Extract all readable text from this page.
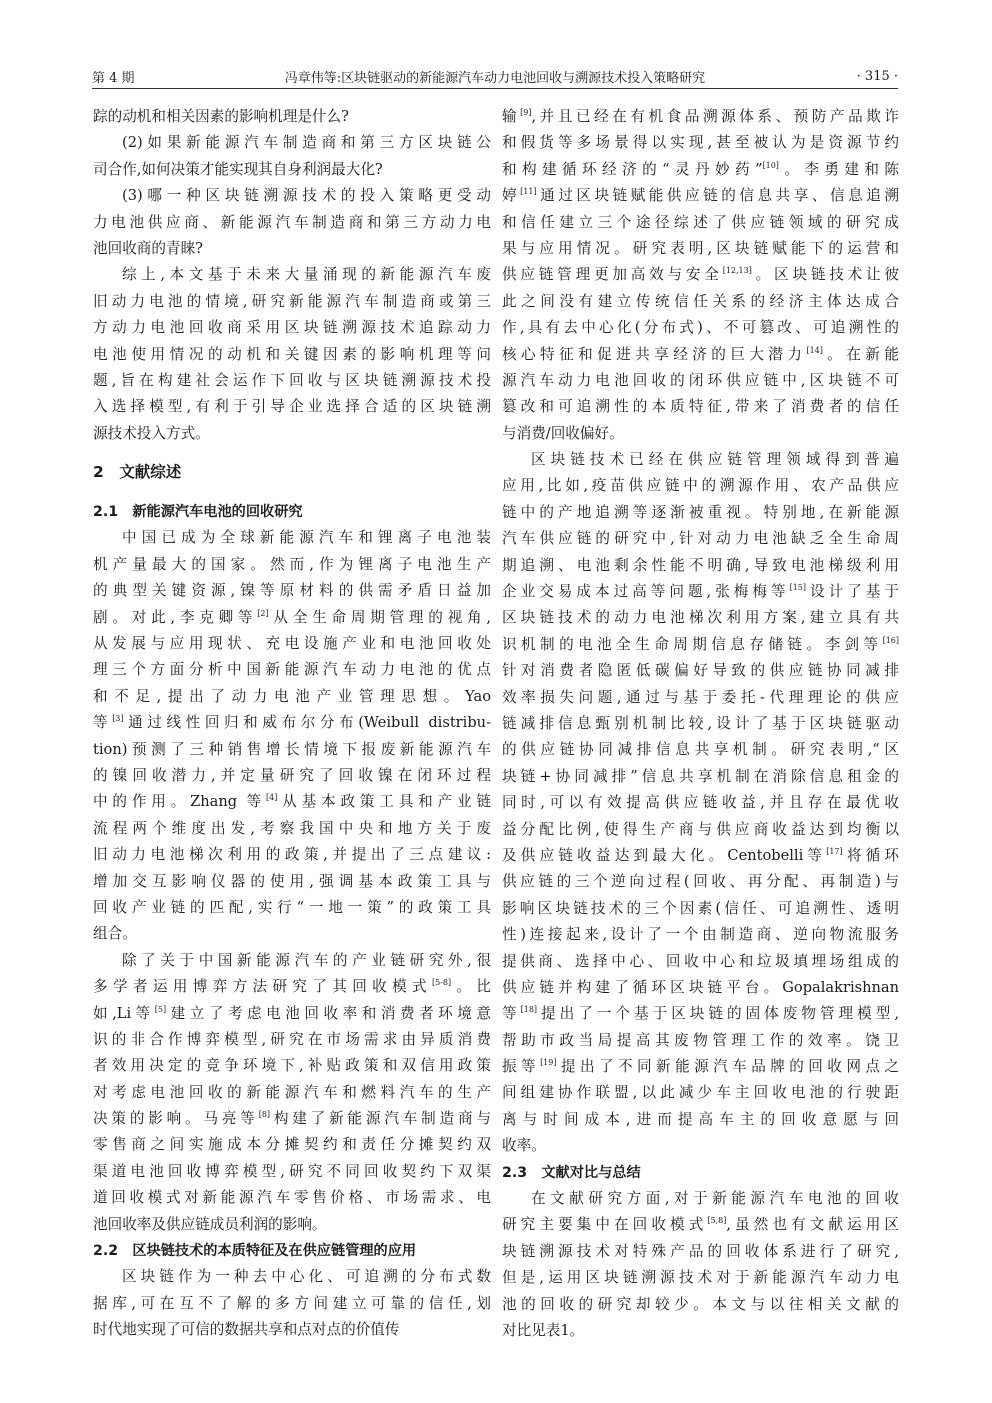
第 4 期	冯章伟等:区块链驱动的新能源汽车动力电池回收与溯源技术投入策略研究	· 315 ·
踪的动机和相关因素的影响机理是什么?
(2)如果新能源汽车制造商和第三方区块链公
司合作,如何决策才能实现其自身利润最大化?
(3)哪一种区块链溯源技术的投入策略更受动
力电池供应商、新能源汽车制造商和第三方动力电
池回收商的青睐?
综上,本文基于未来大量涌现的新能源汽车废
旧动力电池的情境,研究新能源汽车制造商或第三
方动力电池回收商采用区块链溯源技术追踪动力
电池使用情况的动机和关键因素的影响机理等问
题,旨在构建社会运作下回收与区块链溯源技术投
入选择模型,有利于引导企业选择合适的区块链溯
源技术投入方式。
2　文献综述
2.1　新能源汽车电池的回收研究
中国已成为全球新能源汽车和锂离子电池装
机产量最大的国家。然而,作为锂离子电池生产
的典型关键资源,镍等原材料的供需矛盾日益加
剧。对此,李克卿等[2]从全生命周期管理的视角,
从发展与应用现状、充电设施产业和电池回收处
理三个方面分析中国新能源汽车动力电池的优点
和不足,提出了动力电池产业管理思想。Yao
等[3]通过线性回归和威布尔分布(Weibull distribu-
tion)预测了三种销售增长情境下报废新能源汽车
的镍回收潜力,并定量研究了回收镍在闭环过程
中的作用。Zhang 等[4]从基本政策工具和产业链
流程两个维度出发,考察我国中央和地方关于废
旧动力电池梯次利用的政策,并提出了三点建议:
增加交互影响仪器的使用,强调基本政策工具与
回收产业链的匹配,实行“一地一策”的政策工具
组合。
除了关于中国新能源汽车的产业链研究外,很
多学者运用博弈方法研究了其回收模式[5-8]。比
如,Li等[5]建立了考虑电池回收率和消费者环境意
识的非合作博弈模型,研究在市场需求由异质消费
者效用决定的竞争环境下,补贴政策和双信用政策
对考虑电池回收的新能源汽车和燃料汽车的生产
决策的影响。马亮等[8]构建了新能源汽车制造商与
零售商之间实施成本分摊契约和责任分摊契约双
渠道电池回收博弈模型,研究不同回收契约下双渠
道回收模式对新能源汽车零售价格、市场需求、电
池回收率及供应链成员利润的影响。
2.2　区块链技术的本质特征及在供应链管理的应用
区块链作为一种去中心化、可追溯的分布式数
据库,可在互不了解的多方间建立可靠的信任,划
时代地实现了可信的数据共享和点对点的价值传
输[9],并且已经在有机食品溯源体系、预防产品欺诈
和假货等多场景得以实现,甚至被认为是资源节约
和构建循环经济的“灵丹妙药”[10]。李勇建和陈
婷[11]通过区块链赋能供应链的信息共享、信息追溯
和信任建立三个途径综述了供应链领域的研究成
果与应用情况。研究表明,区块链赋能下的运营和
供应链管理更加高效与安全[12,13]。区块链技术让彼
此之间没有建立传统信任关系的经济主体达成合
作,具有去中心化(分布式)、不可篡改、可追溯性的
核心特征和促进共享经济的巨大潜力[14]。在新能
源汽车动力电池回收的闭环供应链中,区块链不可
篡改和可追溯性的本质特征,带来了消费者的信任
与消费/回收偏好。
区块链技术已经在供应链管理领域得到普遍
应用,比如,疫苗供应链中的溯源作用、农产品供应
链中的产地追溯等逐渐被重视。特别地,在新能源
汽车供应链的研究中,针对动力电池缺乏全生命周
期追溯、电池剩余性能不明确,导致电池梯级利用
企业交易成本过高等问题,张梅梅等[15]设计了基于
区块链技术的动力电池梯次利用方案,建立具有共
识机制的电池全生命周期信息存储链。李剑等[16]
针对消费者隐匿低碳偏好导致的供应链协同减排
效率损失问题,通过与基于委托-代理理论的供应
链减排信息甄别机制比较,设计了基于区块链驱动
的供应链协同减排信息共享机制。研究表明,“区
块链+协同减排”信息共享机制在消除信息租金的
同时,可以有效提高供应链收益,并且存在最优收
益分配比例,使得生产商与供应商收益达到均衡以
及供应链收益达到最大化。Centobelli等[17]将循环
供应链的三个逆向过程(回收、再分配、再制造)与
影响区块链技术的三个因素(信任、可追溯性、透明
性)连接起来,设计了一个由制造商、逆向物流服务
提供商、选择中心、回收中心和垃圾填埋场组成的
供应链并构建了循环区块链平台。Gopalakrishnan
等[18]提出了一个基于区块链的固体废物管理模型,
帮助市政当局提高其废物管理工作的效率。饶卫
振等[19]提出了不同新能源汽车品牌的回收网点之
间组建协作联盟,以此减少车主回收电池的行驶距
离与时间成本,进而提高车主的回收意愿与回
收率。
2.3　文献对比与总结
在文献研究方面,对于新能源汽车电池的回收
研究主要集中在回收模式[5,8],虽然也有文献运用区
块链溯源技术对特殊产品的回收体系进行了研究,
但是,运用区块链溯源技术对于新能源汽车动力电
池的回收的研究却较少。本文与以往相关文献的
对比见表1。
